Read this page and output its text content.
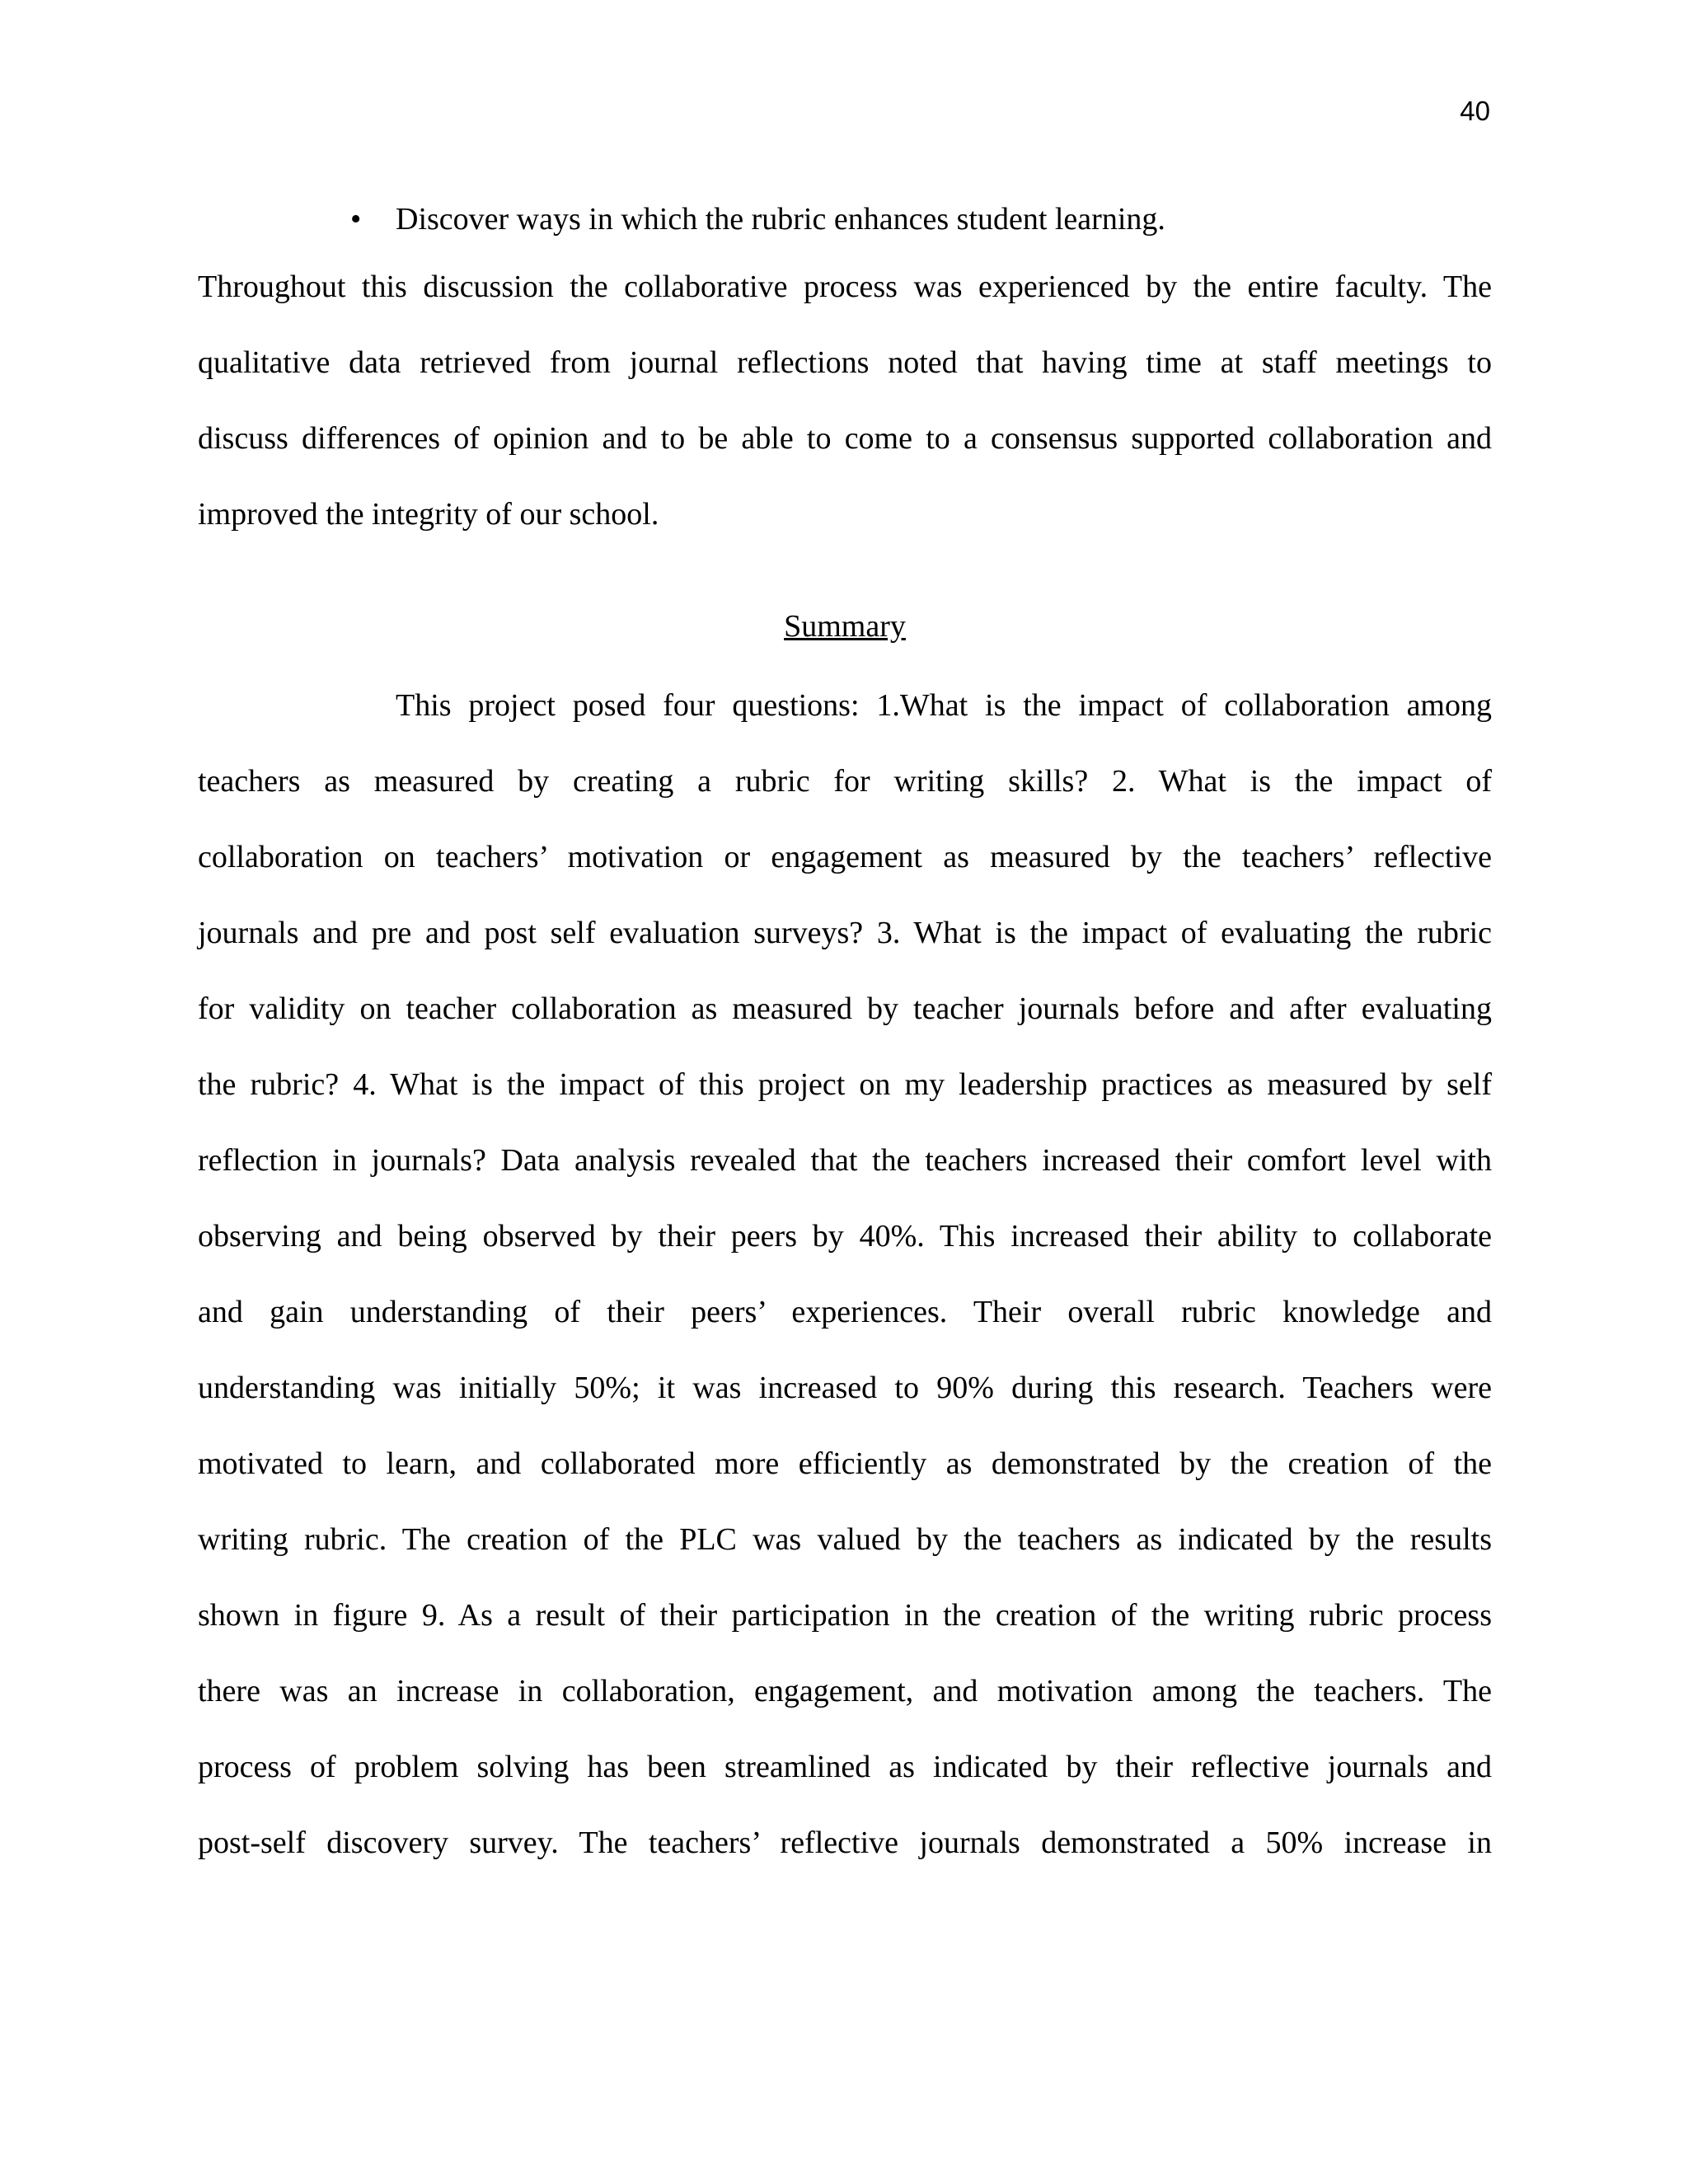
40
• Discover ways in which the rubric enhances student learning.
Throughout this discussion the collaborative process was experienced by the entire faculty. The
qualitative data retrieved from journal reflections noted that having time at staff meetings to
discuss differences of opinion and to be able to come to a consensus supported collaboration and
improved the integrity of our school.
Summary
This project posed four questions: 1.What is the impact of collaboration among
teachers as measured by creating a rubric for writing skills? 2. What is the impact of
collaboration on teachers’ motivation or engagement as measured by the teachers’ reflective
journals and pre and post self evaluation surveys? 3. What is the impact of evaluating the rubric
for validity on teacher collaboration as measured by teacher journals before and after evaluating
the rubric? 4. What is the impact of this project on my leadership practices as measured by self
reflection in journals? Data analysis revealed that the teachers increased their comfort level with
observing and being observed by their peers by 40%. This increased their ability to collaborate
and gain understanding of their peers’ experiences. Their overall rubric knowledge and
understanding was initially 50%; it was increased to 90% during this research. Teachers were
motivated to learn, and collaborated more efficiently as demonstrated by the creation of the
writing rubric. The creation of the PLC was valued by the teachers as indicated by the results
shown in figure 9. As a result of their participation in the creation of the writing rubric process
there was an increase in collaboration, engagement, and motivation among the teachers. The
process of problem solving has been streamlined as indicated by their reflective journals and
post-self discovery survey. The teachers’ reflective journals demonstrated a 50% increase in
